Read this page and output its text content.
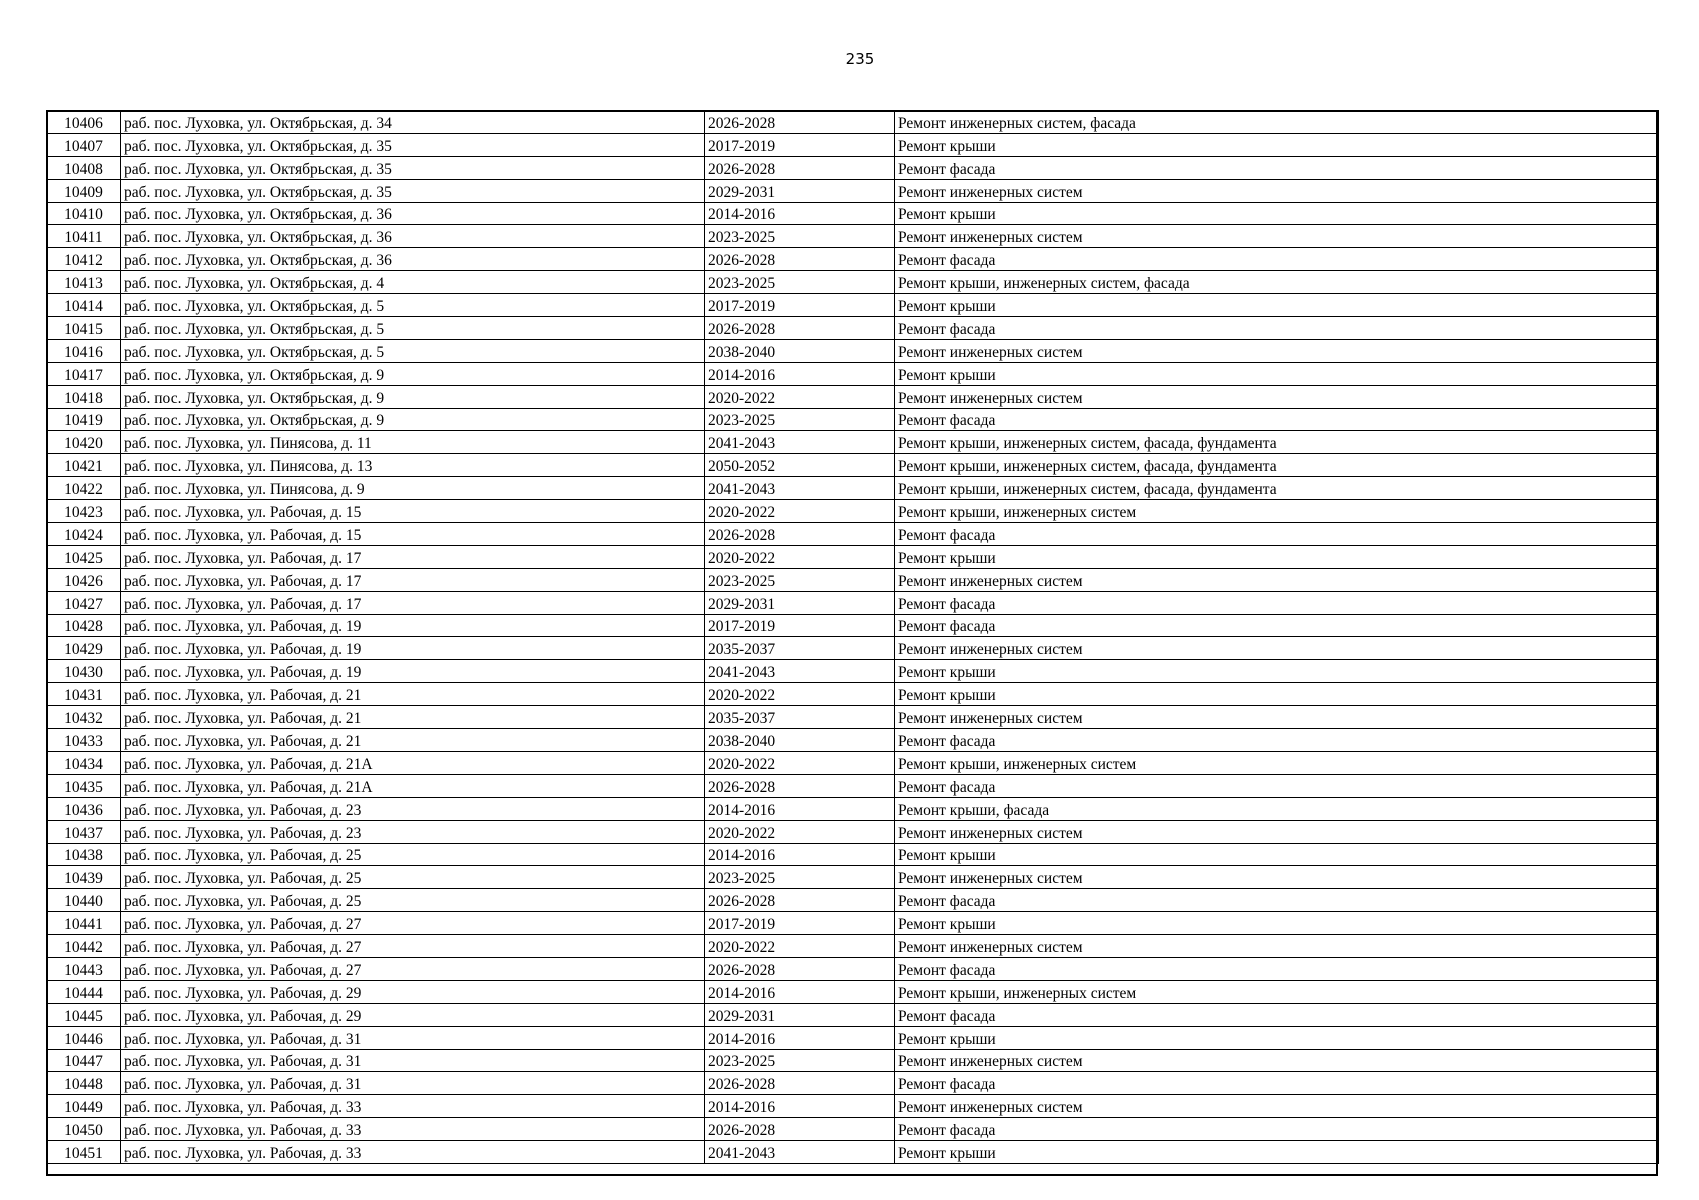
235
10406	раб. пос. Луховка, ул. Октябрьская, д. 34	2026-2028	Ремонт инженерных систем, фасада
10407	раб. пос. Луховка, ул. Октябрьская, д. 35	2017-2019	Ремонт крыши
10408	раб. пос. Луховка, ул. Октябрьская, д. 35	2026-2028	Ремонт фасада
10409	раб. пос. Луховка, ул. Октябрьская, д. 35	2029-2031	Ремонт инженерных систем
10410	раб. пос. Луховка, ул. Октябрьская, д. 36	2014-2016	Ремонт крыши
10411	раб. пос. Луховка, ул. Октябрьская, д. 36	2023-2025	Ремонт инженерных систем
10412	раб. пос. Луховка, ул. Октябрьская, д. 36	2026-2028	Ремонт фасада
10413	раб. пос. Луховка, ул. Октябрьская, д. 4	2023-2025	Ремонт крыши, инженерных систем, фасада
10414	раб. пос. Луховка, ул. Октябрьская, д. 5	2017-2019	Ремонт крыши
10415	раб. пос. Луховка, ул. Октябрьская, д. 5	2026-2028	Ремонт фасада
10416	раб. пос. Луховка, ул. Октябрьская, д. 5	2038-2040	Ремонт инженерных систем
10417	раб. пос. Луховка, ул. Октябрьская, д. 9	2014-2016	Ремонт крыши
10418	раб. пос. Луховка, ул. Октябрьская, д. 9	2020-2022	Ремонт инженерных систем
10419	раб. пос. Луховка, ул. Октябрьская, д. 9	2023-2025	Ремонт фасада
10420	раб. пос. Луховка, ул. Пинясова, д. 11	2041-2043	Ремонт крыши, инженерных систем, фасада, фундамента
10421	раб. пос. Луховка, ул. Пинясова, д. 13	2050-2052	Ремонт крыши, инженерных систем, фасада, фундамента
10422	раб. пос. Луховка, ул. Пинясова, д. 9	2041-2043	Ремонт крыши, инженерных систем, фасада, фундамента
10423	раб. пос. Луховка, ул. Рабочая, д. 15	2020-2022	Ремонт крыши, инженерных систем
10424	раб. пос. Луховка, ул. Рабочая, д. 15	2026-2028	Ремонт фасада
10425	раб. пос. Луховка, ул. Рабочая, д. 17	2020-2022	Ремонт крыши
10426	раб. пос. Луховка, ул. Рабочая, д. 17	2023-2025	Ремонт инженерных систем
10427	раб. пос. Луховка, ул. Рабочая, д. 17	2029-2031	Ремонт фасада
10428	раб. пос. Луховка, ул. Рабочая, д. 19	2017-2019	Ремонт фасада
10429	раб. пос. Луховка, ул. Рабочая, д. 19	2035-2037	Ремонт инженерных систем
10430	раб. пос. Луховка, ул. Рабочая, д. 19	2041-2043	Ремонт крыши
10431	раб. пос. Луховка, ул. Рабочая, д. 21	2020-2022	Ремонт крыши
10432	раб. пос. Луховка, ул. Рабочая, д. 21	2035-2037	Ремонт инженерных систем
10433	раб. пос. Луховка, ул. Рабочая, д. 21	2038-2040	Ремонт фасада
10434	раб. пос. Луховка, ул. Рабочая, д. 21А	2020-2022	Ремонт крыши, инженерных систем
10435	раб. пос. Луховка, ул. Рабочая, д. 21А	2026-2028	Ремонт фасада
10436	раб. пос. Луховка, ул. Рабочая, д. 23	2014-2016	Ремонт крыши, фасада
10437	раб. пос. Луховка, ул. Рабочая, д. 23	2020-2022	Ремонт инженерных систем
10438	раб. пос. Луховка, ул. Рабочая, д. 25	2014-2016	Ремонт крыши
10439	раб. пос. Луховка, ул. Рабочая, д. 25	2023-2025	Ремонт инженерных систем
10440	раб. пос. Луховка, ул. Рабочая, д. 25	2026-2028	Ремонт фасада
10441	раб. пос. Луховка, ул. Рабочая, д. 27	2017-2019	Ремонт крыши
10442	раб. пос. Луховка, ул. Рабочая, д. 27	2020-2022	Ремонт инженерных систем
10443	раб. пос. Луховка, ул. Рабочая, д. 27	2026-2028	Ремонт фасада
10444	раб. пос. Луховка, ул. Рабочая, д. 29	2014-2016	Ремонт крыши, инженерных систем
10445	раб. пос. Луховка, ул. Рабочая, д. 29	2029-2031	Ремонт фасада
10446	раб. пос. Луховка, ул. Рабочая, д. 31	2014-2016	Ремонт крыши
10447	раб. пос. Луховка, ул. Рабочая, д. 31	2023-2025	Ремонт инженерных систем
10448	раб. пос. Луховка, ул. Рабочая, д. 31	2026-2028	Ремонт фасада
10449	раб. пос. Луховка, ул. Рабочая, д. 33	2014-2016	Ремонт инженерных систем
10450	раб. пос. Луховка, ул. Рабочая, д. 33	2026-2028	Ремонт фасада
10451	раб. пос. Луховка, ул. Рабочая, д. 33	2041-2043	Ремонт крыши
